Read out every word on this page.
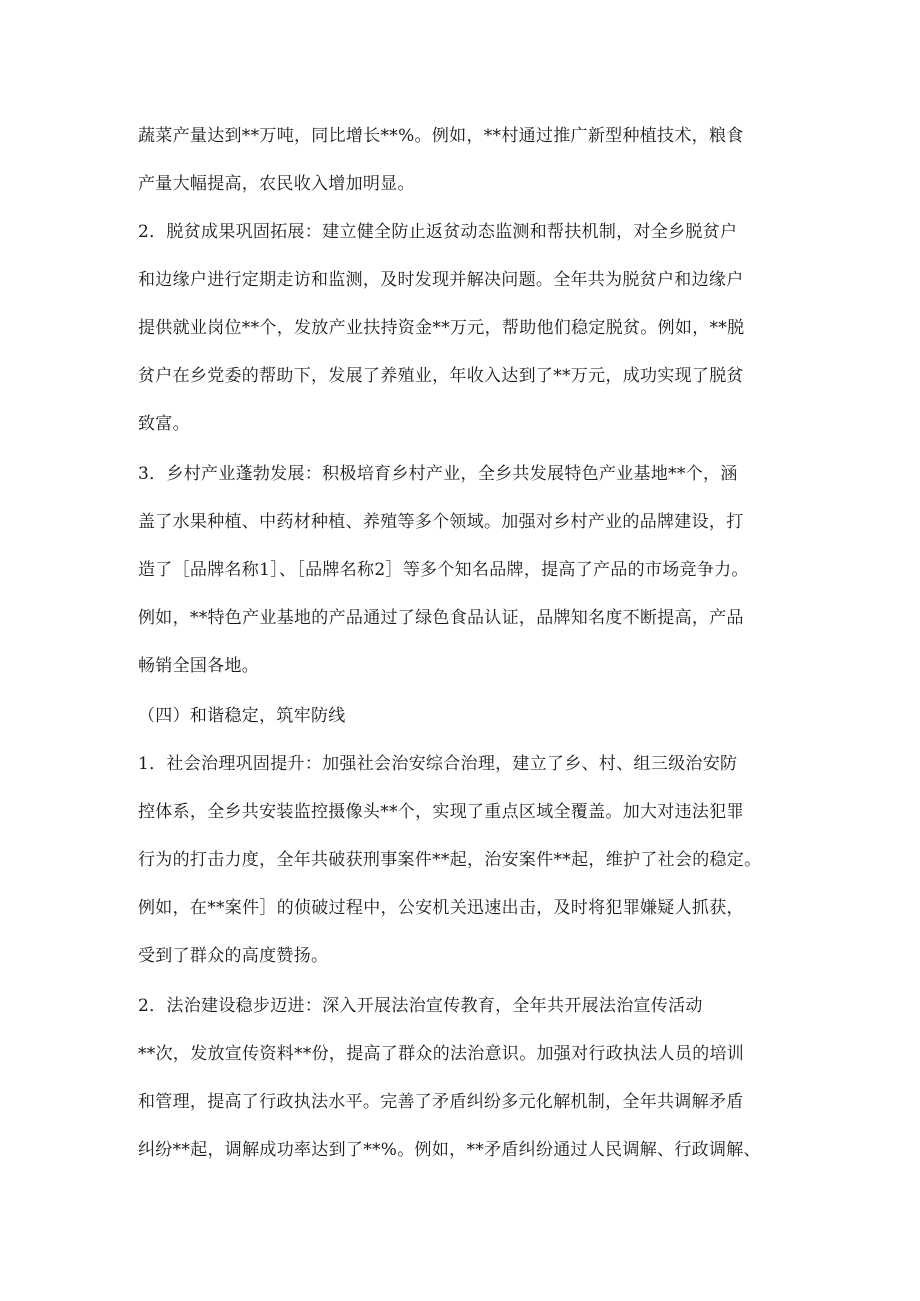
蔬菜产量达到**万吨，同比增长**%。例如，**村通过推广新型种植技术，粮食
产量大幅提高，农民收入增加明显。
2．脱贫成果巩固拓展：建立健全防止返贫动态监测和帮扶机制，对全乡脱贫户
和边缘户进行定期走访和监测，及时发现并解决问题。全年共为脱贫户和边缘户
提供就业岗位**个，发放产业扶持资金**万元，帮助他们稳定脱贫。例如，**脱
贫户在乡党委的帮助下，发展了养殖业，年收入达到了**万元，成功实现了脱贫
致富。
3．乡村产业蓬勃发展：积极培育乡村产业，全乡共发展特色产业基地**个，涵
盖了水果种植、中药材种植、养殖等多个领域。加强对乡村产业的品牌建设，打
造了［品牌名称1］、［品牌名称2］等多个知名品牌，提高了产品的市场竞争力。
例如，**特色产业基地的产品通过了绿色食品认证，品牌知名度不断提高，产品
畅销全国各地。
（四）和谐稳定，筑牢防线
1．社会治理巩固提升：加强社会治安综合治理，建立了乡、村、组三级治安防
控体系，全乡共安装监控摄像头**个，实现了重点区域全覆盖。加大对违法犯罪
行为的打击力度，全年共破获刑事案件**起，治安案件**起，维护了社会的稳定。
例如，在**案件］的侦破过程中，公安机关迅速出击，及时将犯罪嫌疑人抓获，
受到了群众的高度赞扬。
2．法治建设稳步迈进：深入开展法治宣传教育，全年共开展法治宣传活动
**次，发放宣传资料**份，提高了群众的法治意识。加强对行政执法人员的培训
和管理，提高了行政执法水平。完善了矛盾纠纷多元化解机制，全年共调解矛盾
纠纷**起，调解成功率达到了**%。例如，**矛盾纠纷通过人民调解、行政调解、
